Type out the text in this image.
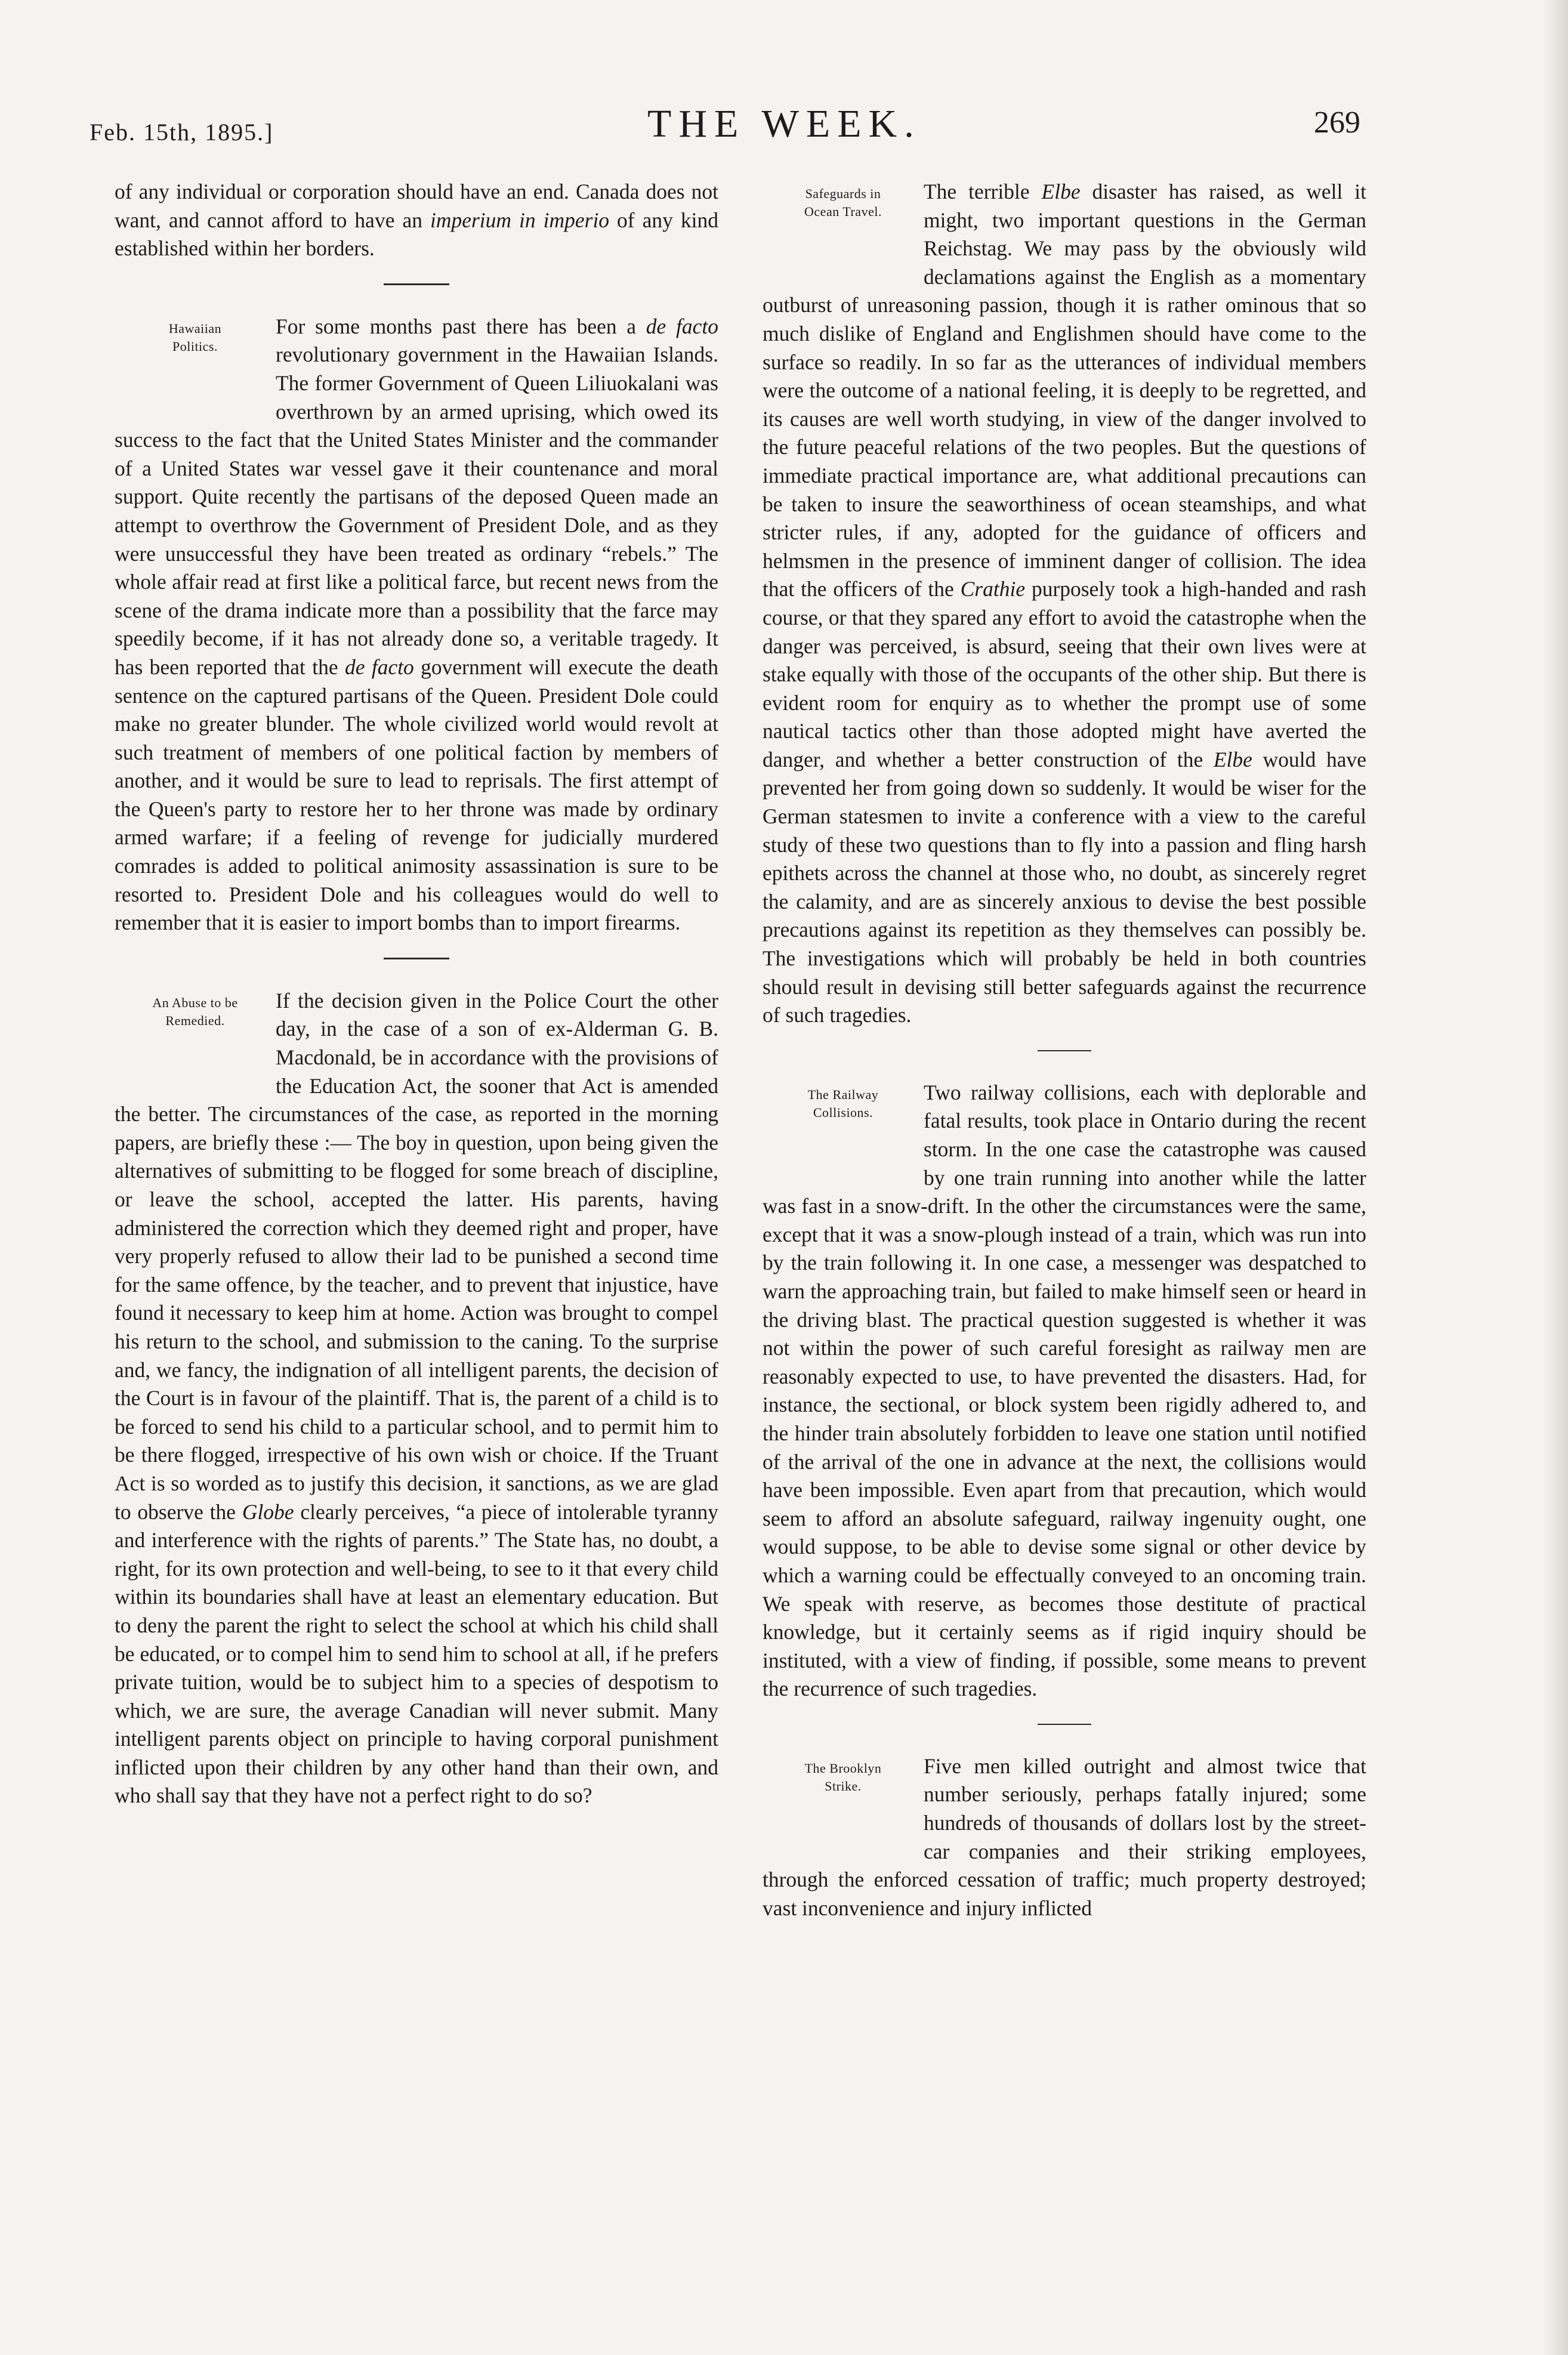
Feb. 15th, 1895.]	THE WEEK.	269

of any individual or corporation should have an end. Canada does not want, and cannot afford to have an imperium in imperio of any kind established within her borders.

Hawaiian
Politics.

For some months past there has been a de facto revolutionary government in the Hawaiian Islands. The former Government of Queen Liliuokalani was overthrown by an armed uprising, which owed its success to the fact that the United States Minister and the commander of a United States war vessel gave it their countenance and moral support. Quite recently the partisans of the deposed Queen made an attempt to overthrow the Government of President Dole, and as they were unsuccessful they have been treated as ordinary “rebels.” The whole affair read at first like a political farce, but recent news from the scene of the drama indicate more than a possibility that the farce may speedily become, if it has not already done so, a veritable tragedy. It has been reported that the de facto government will execute the death sentence on the captured partisans of the Queen. President Dole could make no greater blunder. The whole civilized world would revolt at such treatment of members of one political faction by members of another, and it would be sure to lead to reprisals. The first attempt of the Queen's party to restore her to her throne was made by ordinary armed warfare; if a feeling of revenge for judicially murdered comrades is added to political animosity assassination is sure to be resorted to. President Dole and his colleagues would do well to remember that it is easier to import bombs than to import firearms.

An Abuse to be
Remedied.

If the decision given in the Police Court the other day, in the case of a son of ex-Alderman G. B. Macdonald, be in accordance with the provisions of the Education Act, the sooner that Act is amended the better. The circumstances of the case, as reported in the morning papers, are briefly these :— The boy in question, upon being given the alternatives of submitting to be flogged for some breach of discipline, or leave the school, accepted the latter. His parents, having administered the correction which they deemed right and proper, have very properly refused to allow their lad to be punished a second time for the same offence, by the teacher, and to prevent that injustice, have found it necessary to keep him at home. Action was brought to compel his return to the school, and submission to the caning. To the surprise and, we fancy, the indignation of all intelligent parents, the decision of the Court is in favour of the plaintiff. That is, the parent of a child is to be forced to send his child to a particular school, and to permit him to be there flogged, irrespective of his own wish or choice. If the Truant Act is so worded as to justify this decision, it sanctions, as we are glad to observe the Globe clearly perceives, “a piece of intolerable tyranny and interference with the rights of parents.” The State has, no doubt, a right, for its own protection and well-being, to see to it that every child within its boundaries shall have at least an elementary education. But to deny the parent the right to select the school at which his child shall be educated, or to compel him to send him to school at all, if he prefers private tuition, would be to subject him to a species of despotism to which, we are sure, the average Canadian will never submit. Many intelligent parents object on principle to having corporal punishment inflicted upon their children by any other hand than their own, and who shall say that they have not a perfect right to do so?

Safeguards in
Ocean Travel.

The terrible Elbe disaster has raised, as well it might, two important questions in the German Reichstag. We may pass by the obviously wild declamations against the English as a momentary outburst of unreasoning passion, though it is rather ominous that so much dislike of England and Englishmen should have come to the surface so readily. In so far as the utterances of individual members were the outcome of a national feeling, it is deeply to be regretted, and its causes are well worth studying, in view of the danger involved to the future peaceful relations of the two peoples. But the questions of immediate practical importance are, what additional precautions can be taken to insure the seaworthiness of ocean steamships, and what stricter rules, if any, adopted for the guidance of officers and helmsmen in the presence of imminent danger of collision. The idea that the officers of the Crathie purposely took a high-handed and rash course, or that they spared any effort to avoid the catastrophe when the danger was perceived, is absurd, seeing that their own lives were at stake equally with those of the occupants of the other ship. But there is evident room for enquiry as to whether the prompt use of some nautical tactics other than those adopted might have averted the danger, and whether a better construction of the Elbe would have prevented her from going down so suddenly. It would be wiser for the German statesmen to invite a conference with a view to the careful study of these two questions than to fly into a passion and fling harsh epithets across the channel at those who, no doubt, as sincerely regret the calamity, and are as sincerely anxious to devise the best possible precautions against its repetition as they themselves can possibly be. The investigations which will probably be held in both countries should result in devising still better safeguards against the recurrence of such tragedies.

The Railway
Collisions.

Two railway collisions, each with deplorable and fatal results, took place in Ontario during the recent storm. In the one case the catastrophe was caused by one train running into another while the latter was fast in a snow-drift. In the other the circumstances were the same, except that it was a snow-plough instead of a train, which was run into by the train following it. In one case, a messenger was despatched to warn the approaching train, but failed to make himself seen or heard in the driving blast. The practical question suggested is whether it was not within the power of such careful foresight as railway men are reasonably expected to use, to have prevented the disasters. Had, for instance, the sectional, or block system been rigidly adhered to, and the hinder train absolutely forbidden to leave one station until notified of the arrival of the one in advance at the next, the collisions would have been impossible. Even apart from that precaution, which would seem to afford an absolute safeguard, railway ingenuity ought, one would suppose, to be able to devise some signal or other device by which a warning could be effectually conveyed to an oncoming train. We speak with reserve, as becomes those destitute of practical knowledge, but it certainly seems as if rigid inquiry should be instituted, with a view of finding, if possible, some means to prevent the recurrence of such tragedies.

The Brooklyn
Strike.

Five men killed outright and almost twice that number seriously, perhaps fatally injured; some hundreds of thousands of dollars lost by the street-car companies and their striking employees, through the enforced cessation of traffic; much property destroyed; vast inconvenience and injury inflicted
